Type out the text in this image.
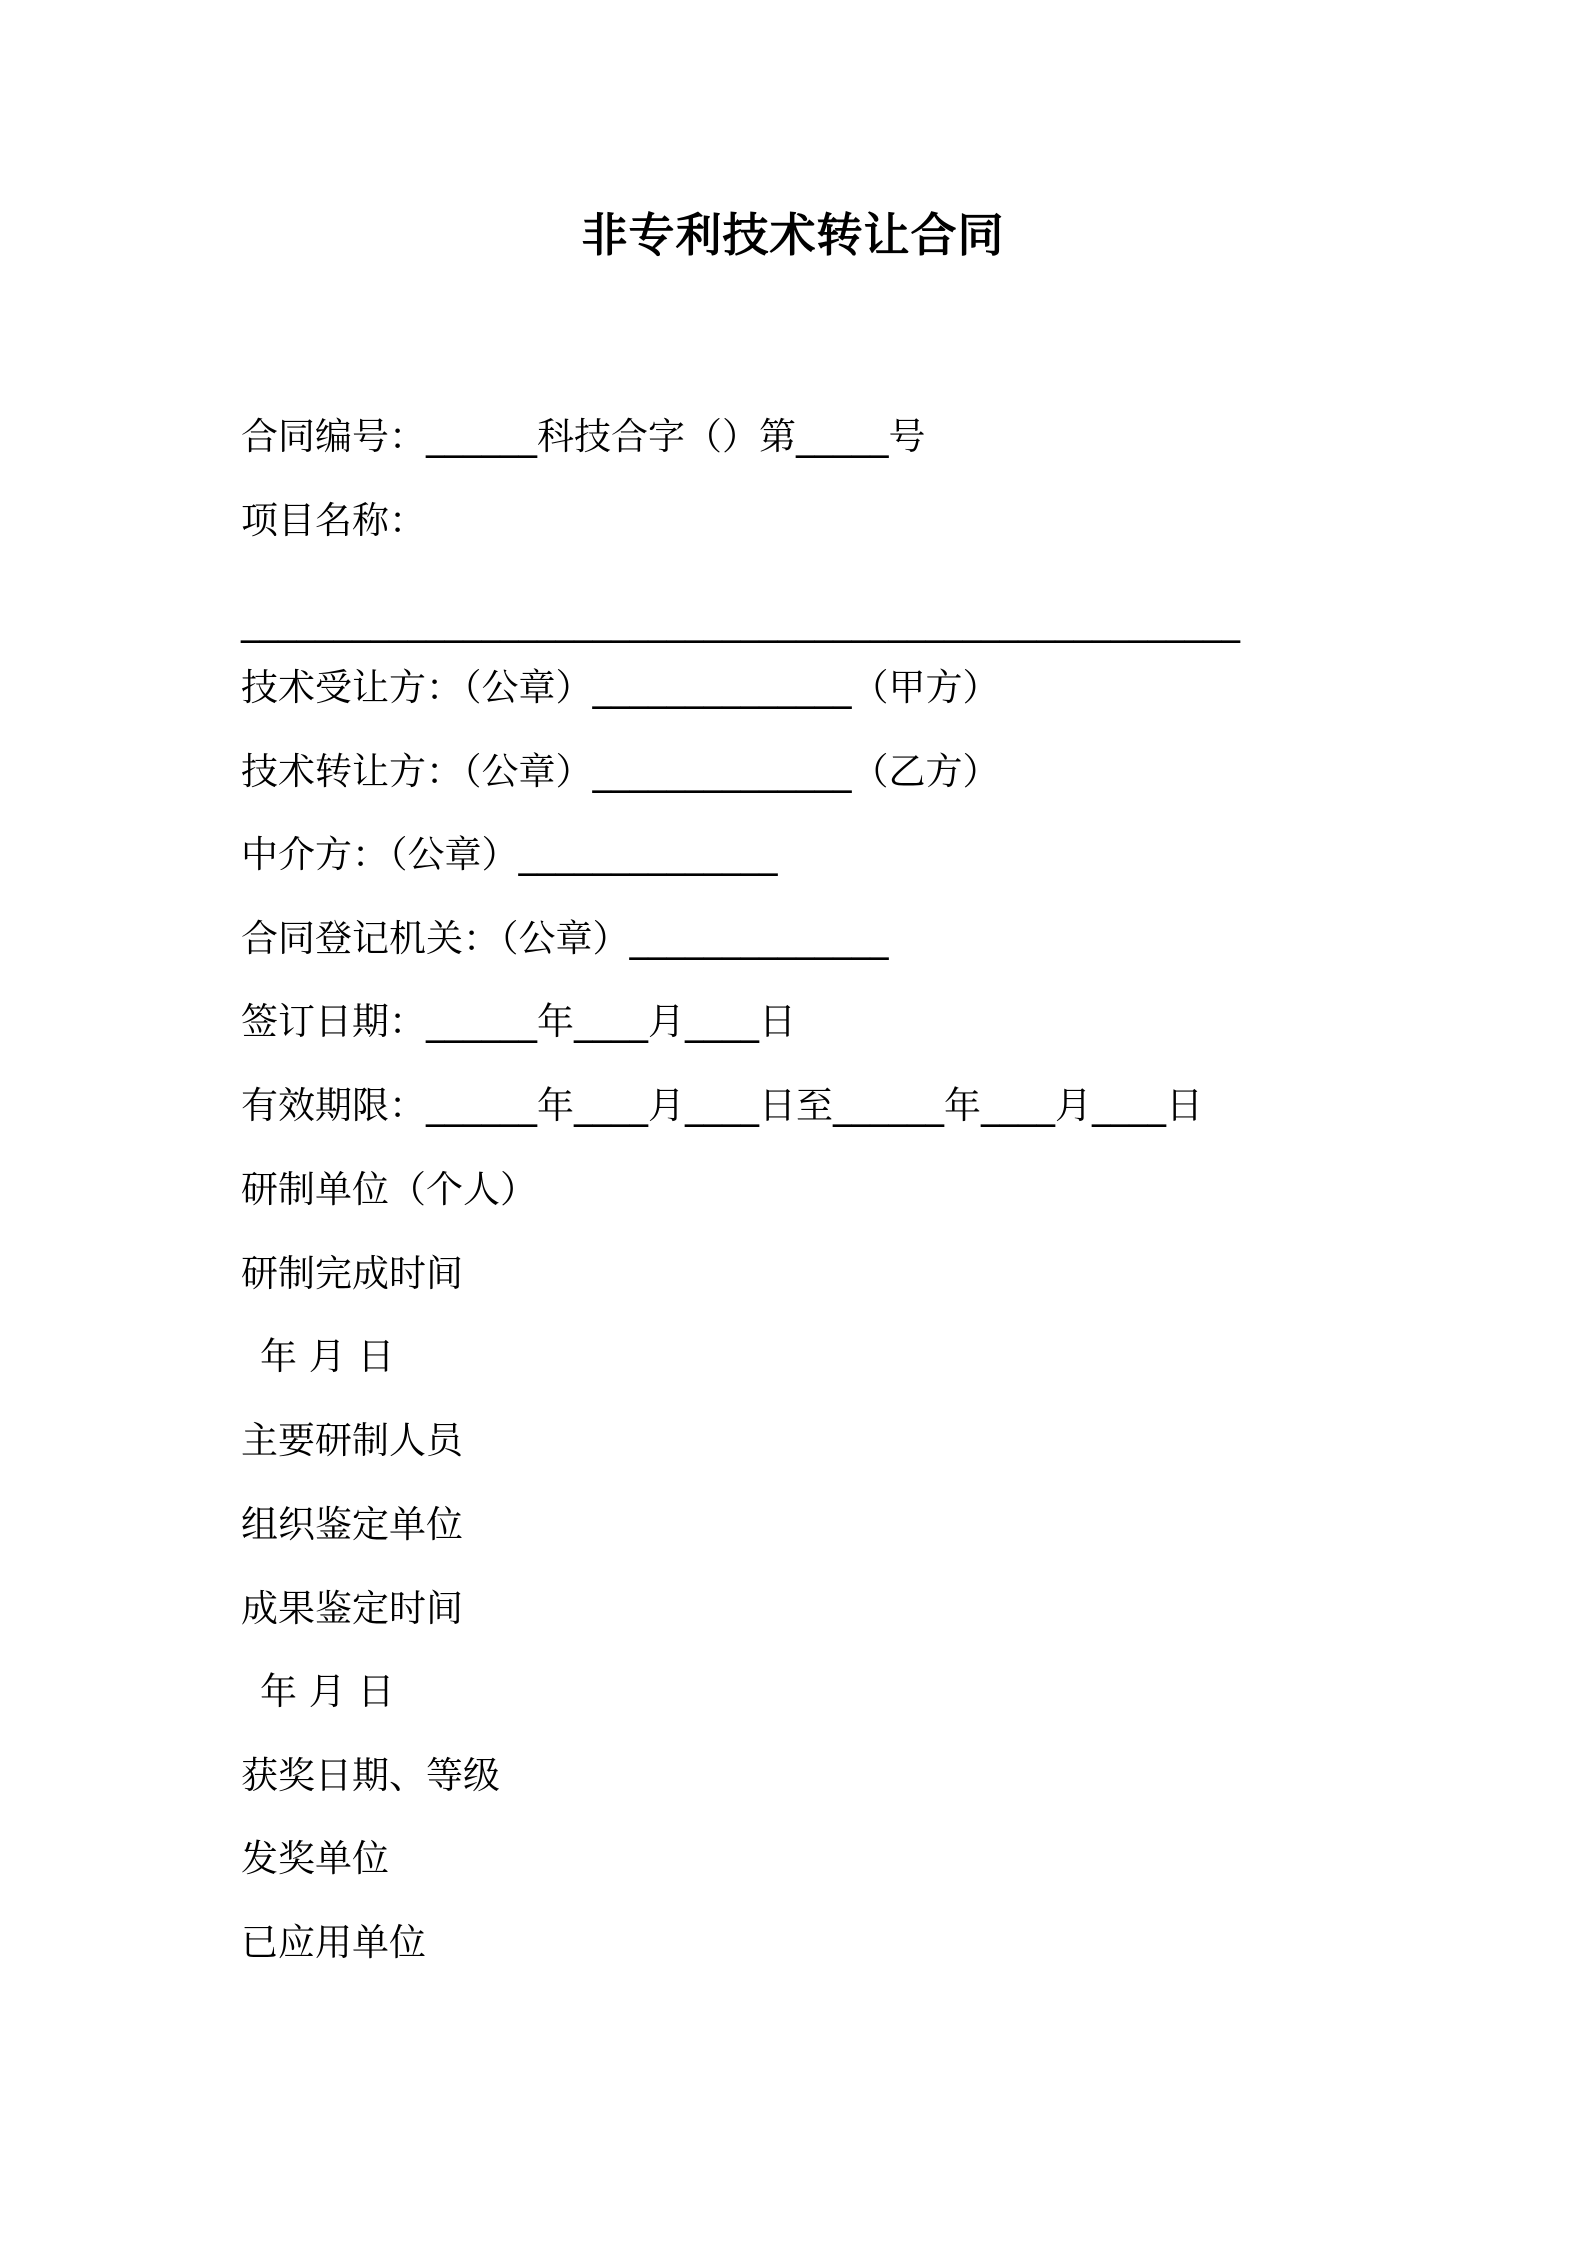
非专利技术转让合同
合同编号：______科技合字（）第_____号
项目名称：
______________________________________________________
技术受让方：（公章）______________（甲方）
技术转让方：（公章）______________（乙方）
中介方：（公章）______________
合同登记机关：（公章）______________
签订日期：______年____月____日
有效期限：______年____月____日至______年____月____日
研制单位（个人）
研制完成时间
年 月 日
主要研制人员
组织鉴定单位
成果鉴定时间
年 月 日
获奖日期、等级
发奖单位
已应用单位
